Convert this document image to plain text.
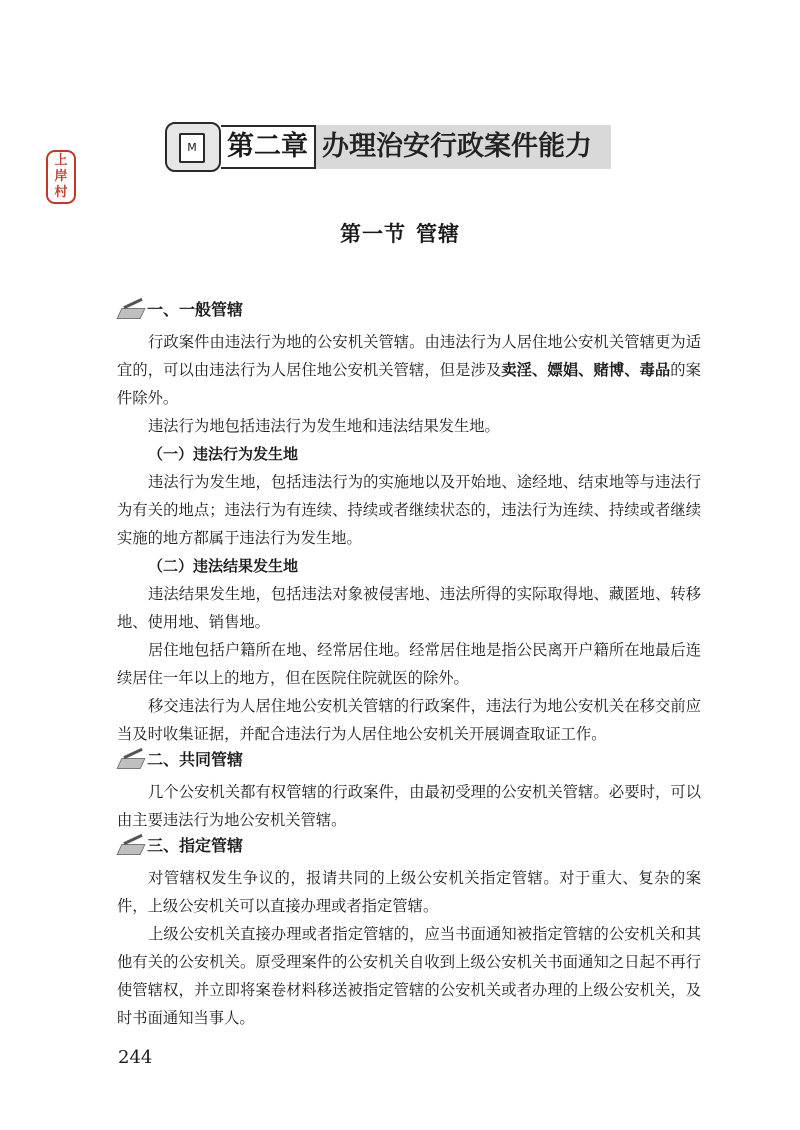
上
岸
村
M	第二章 办理治安行政案件能力
第一节 管辖
一、一般管辖

行政案件由违法行为地的公安机关管辖。由违法行为人居住地公安机关管辖更为适宜的，可以由违法行为人居住地公安机关管辖，但是涉及卖淫、嫖娼、赌博、毒品的案件除外。

违法行为地包括违法行为发生地和违法结果发生地。

（一）违法行为发生地

违法行为发生地，包括违法行为的实施地以及开始地、途经地、结束地等与违法行为有关的地点；违法行为有连续、持续或者继续状态的，违法行为连续、持续或者继续实施的地方都属于违法行为发生地。

（二）违法结果发生地

违法结果发生地，包括违法对象被侵害地、违法所得的实际取得地、藏匿地、转移地、使用地、销售地。

居住地包括户籍所在地、经常居住地。经常居住地是指公民离开户籍所在地最后连续居住一年以上的地方，但在医院住院就医的除外。

移交违法行为人居住地公安机关管辖的行政案件，违法行为地公安机关在移交前应当及时收集证据，并配合违法行为人居住地公安机关开展调查取证工作。

二、共同管辖

几个公安机关都有权管辖的行政案件，由最初受理的公安机关管辖。必要时，可以由主要违法行为地公安机关管辖。

三、指定管辖

对管辖权发生争议的，报请共同的上级公安机关指定管辖。对于重大、复杂的案件，上级公安机关可以直接办理或者指定管辖。

上级公安机关直接办理或者指定管辖的，应当书面通知被指定管辖的公安机关和其他有关的公安机关。原受理案件的公安机关自收到上级公安机关书面通知之日起不再行使管辖权，并立即将案卷材料移送被指定管辖的公安机关或者办理的上级公安机关，及时书面通知当事人。

244
